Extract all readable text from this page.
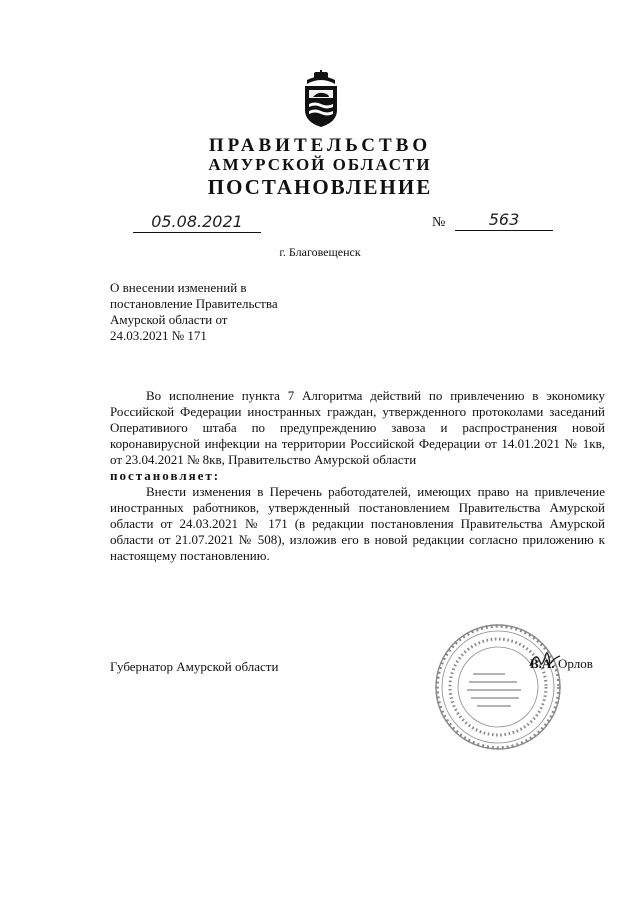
ПРАВИТЕЛЬСТВО
АМУРСКОЙ ОБЛАСТИ
ПОСТАНОВЛЕНИЕ
05.08.2021	№	563
г. Благовещенск
О внесении изменений в
постановление Правительства
Амурской области от
24.03.2021 № 171

Во исполнение пункта 7 Алгоритма действий по привлечению в экономику Российской Федерации иностранных граждан, утвержденного протоколами заседаний Оперативиого штаба по предупреждению завоза и распространения новой коронавирусной инфекции на территории Российской Федерации от 14.01.2021 № 1кв, от 23.04.2021 № 8кв, Правительство Амурской области

постановляет:

Внести изменения в Перечень работодателей, имеющих право на привлечение иностранных работников, утвержденный постановлением Правительства Амурской области от 24.03.2021 № 171 (в редакции постановления Правительства Амурской области от 21.07.2021 № 508), изложив его в новой редакции согласно приложению к настоящему постановлению.

Губернатор Амурской области	В.А. Орлов
